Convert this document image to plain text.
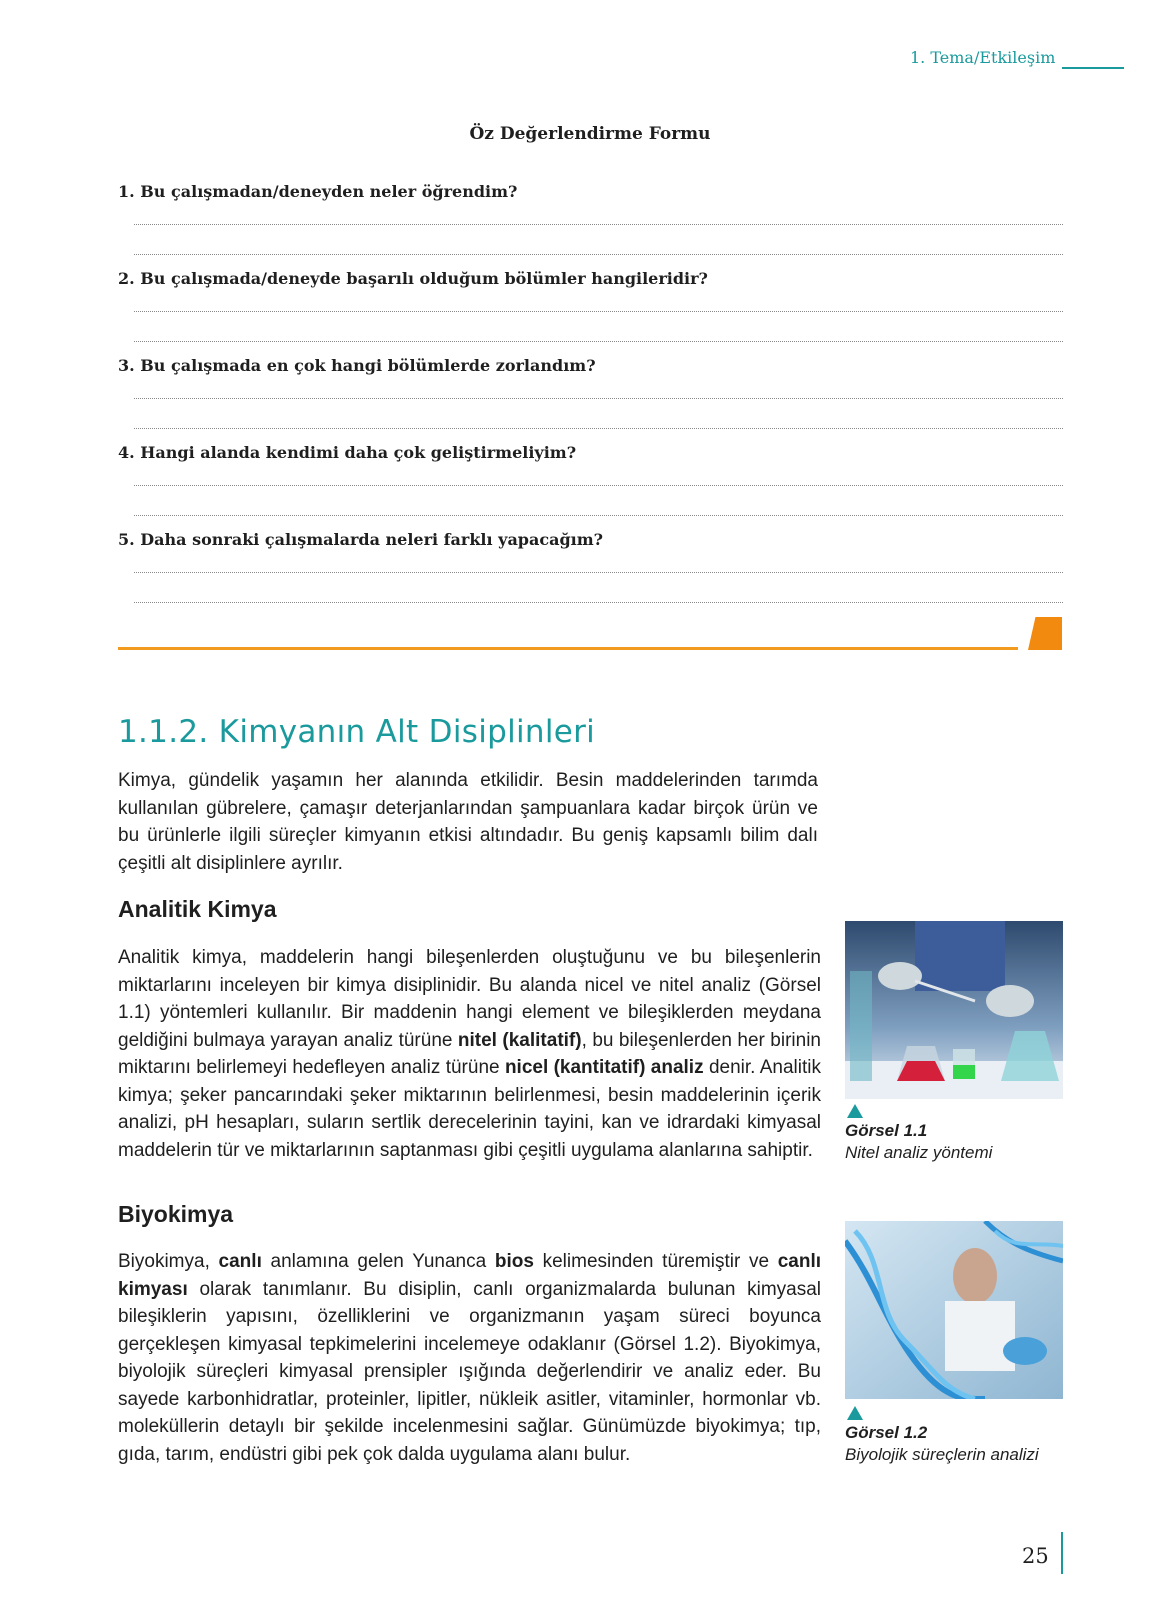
1. Tema/Etkileşim
Öz Değerlendirme Formu
1. Bu çalışmadan/deneyden neler öğrendim?
2. Bu çalışmada/deneyde başarılı olduğum bölümler hangileridir?
3. Bu çalışmada en çok hangi bölümlerde zorlandım?
4. Hangi alanda kendimi daha çok geliştirmeliyim?
5. Daha sonraki çalışmalarda neleri farklı yapacağım?
1.1.2. Kimyanın Alt Disiplinleri
Kimya, gündelik yaşamın her alanında etkilidir. Besin maddelerinden tarımda kullanılan gübrelere, çamaşır deterjanlarından şampuanlara kadar birçok ürün ve bu ürünlerle ilgili süreçler kimyanın etkisi altındadır. Bu geniş kapsamlı bilim dalı çeşitli alt disiplinlere ayrılır.
Analitik Kimya
Analitik kimya, maddelerin hangi bileşenlerden oluştuğunu ve bu bileşenlerin miktarlarını inceleyen bir kimya disiplinidir. Bu alanda nicel ve nitel analiz (Görsel 1.1) yöntemleri kullanılır. Bir maddenin hangi element ve bileşiklerden meydana geldiğini bulmaya yarayan analiz türüne nitel (kalitatif), bu bileşenlerden her birinin miktarını belirlemeyi hedefleyen analiz türüne nicel (kantitatif) analiz denir. Analitik kimya; şeker pancarındaki şeker miktarının belirlenmesi, besin maddelerinin içerik analizi, pH hesapları, suların sertlik derecelerinin tayini, kan ve idrardaki kimyasal maddelerin tür ve miktarlarının saptanması gibi çeşitli uygulama alanlarına sahiptir.
Görsel 1.1
Nitel analiz yöntemi
Biyokimya
Biyokimya, canlı anlamına gelen Yunanca bios kelimesinden türemiştir ve canlı kimyası olarak tanımlanır. Bu disiplin, canlı organizmalarda bulunan kimyasal bileşiklerin yapısını, özelliklerini ve organizmanın yaşam süreci boyunca gerçekleşen kimyasal tepkimelerini incelemeye odaklanır (Görsel 1.2). Biyokimya, biyolojik süreçleri kimyasal prensipler ışığında değerlendirir ve analiz eder. Bu sayede karbonhidratlar, proteinler, lipitler, nükleik asitler, vitaminler, hormonlar vb. moleküllerin detaylı bir şekilde incelenmesini sağlar. Günümüzde biyokimya; tıp, gıda, tarım, endüstri gibi pek çok dalda uygulama alanı bulur.
Görsel 1.2
Biyolojik süreçlerin analizi
25
